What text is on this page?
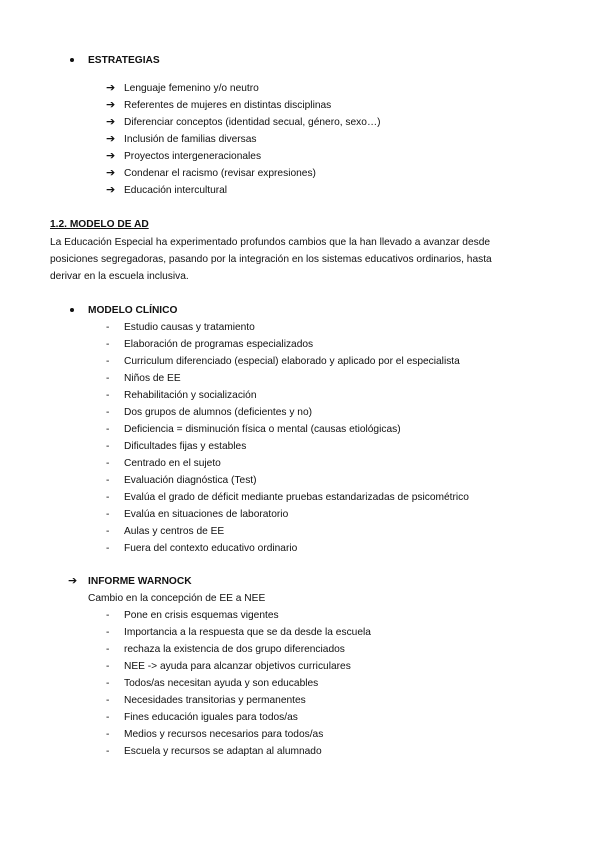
ESTRATEGIAS
➔ Lenguaje femenino y/o neutro
➔ Referentes de mujeres en distintas disciplinas
➔ Diferenciar conceptos (identidad secual, género, sexo…)
➔ Inclusión de familias diversas
➔ Proyectos intergeneracionales
➔ Condenar el racismo (revisar expresiones)
➔ Educación intercultural
1.2. MODELO DE AD
La Educación Especial ha experimentado profundos cambios que la han llevado a avanzar desde
posiciones segregadoras, pasando por la integración en los sistemas educativos ordinarios, hasta
derivar en la escuela inclusiva.
MODELO CLÍNICO
- Estudio causas y tratamiento
- Elaboración de programas especializados
- Curriculum diferenciado (especial) elaborado y aplicado por el especialista
- Niños de EE
- Rehabilitación y socialización
- Dos grupos de alumnos (deficientes y no)
- Deficiencia = disminución física o mental (causas etiológicas)
- Dificultades fijas y estables
- Centrado en el sujeto
- Evaluación diagnóstica (Test)
- Evalúa el grado de déficit mediante pruebas estandarizadas de psicométrico
- Evalúa en situaciones de laboratorio
- Aulas y centros de EE
- Fuera del contexto educativo ordinario
➔ INFORME WARNOCK
Cambio en la concepción de EE a NEE
- Pone en crisis esquemas vigentes
- Importancia a la respuesta que se da desde la escuela
- rechaza la existencia de dos grupo diferenciados
- NEE -> ayuda para alcanzar objetivos curriculares
- Todos/as necesitan ayuda y son educables
- Necesidades transitorias y permanentes
- Fines educación iguales para todos/as
- Medios y recursos necesarios para todos/as
- Escuela y recursos se adaptan al alumnado
